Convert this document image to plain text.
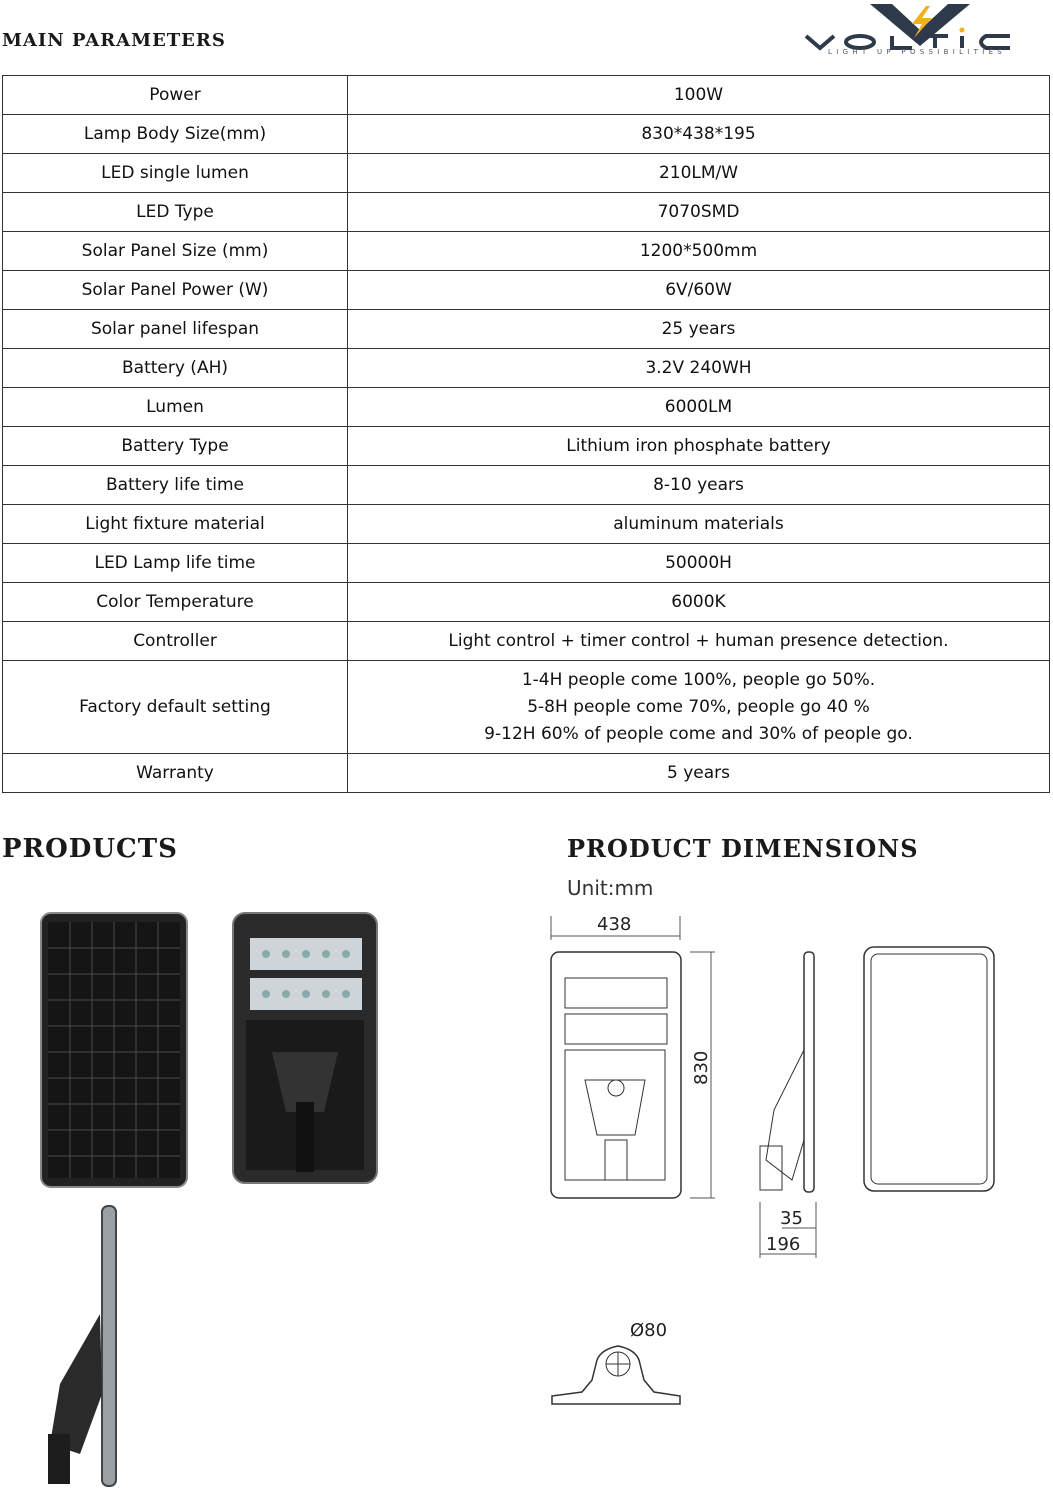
MAIN PARAMETERS
LIGHT UP POSSIBILITIES
Power	100W
Lamp Body Size(mm)	830*438*195
LED single lumen	210LM/W
LED Type	7070SMD
Solar Panel Size (mm)	1200*500mm
Solar Panel Power (W)	6V/60W
Solar panel lifespan	25 years
Battery (AH)	3.2V 240WH
Lumen	6000LM
Battery Type	Lithium iron phosphate battery
Battery life time	8-10 years
Light fixture material	aluminum materials
LED Lamp life time	50000H
Color Temperature	6000K
Controller	Light control + timer control + human presence detection.
Factory default setting	1-4H people come 100%, people go 50%.
5-8H people come 70%, people go 40 %
9-12H 60% of people come and 30% of people go.

Warranty	5 years
PRODUCTS	PRODUCT DIMENSIONS
Unit:mm
438
830
35
196
Ø80
